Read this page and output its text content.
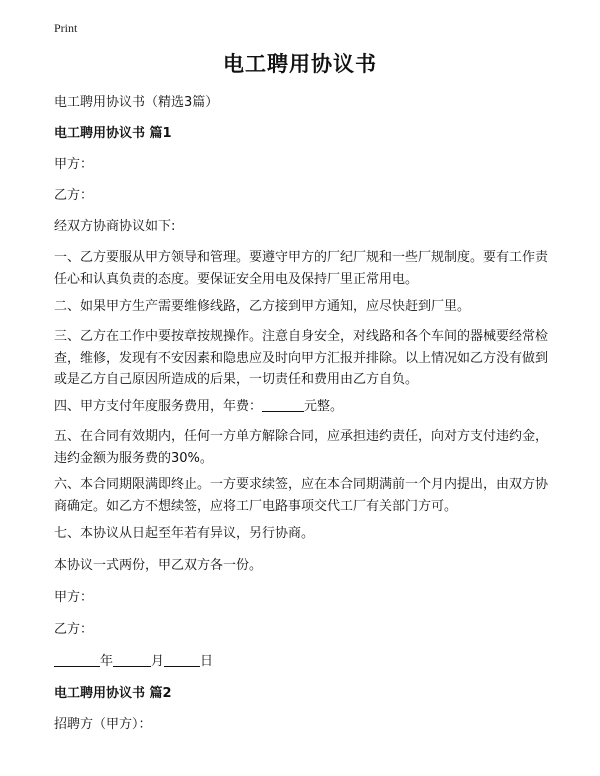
Print
电工聘用协议书
电工聘用协议书（精选3篇）
电工聘用协议书 篇1
甲方：
乙方：
经双方协商协议如下:
一、乙方要服从甲方领导和管理。要遵守甲方的厂纪厂规和一些厂规制度。要有工作责任心和认真负责的态度。要保证安全用电及保持厂里正常用电。
二、如果甲方生产需要维修线路，乙方接到甲方通知，应尽快赶到厂里。
三、乙方在工作中要按章按规操作。注意自身安全，对线路和各个车间的器械要经常检查，维修，发现有不安因素和隐患应及时向甲方汇报并排除。以上情况如乙方没有做到或是乙方自己原因所造成的后果，一切责任和费用由乙方自负。
四、甲方支付年度服务费用，年费：	元整。
五、在合同有效期内，任何一方单方解除合同，应承担违约责任，向对方支付违约金，违约金额为服务费的30%。
六、本合同期限满即终止。一方要求续签，应在本合同期满前一个月内提出，由双方协商确定。如乙方不想续签，应将工厂电路事项交代工厂有关部门方可。
七、本协议从日起至年若有异议，另行协商。
本协议一式两份，甲乙双方各一份。
甲方：
乙方：
年	月	日
电工聘用协议书 篇2
招聘方（甲方）：
